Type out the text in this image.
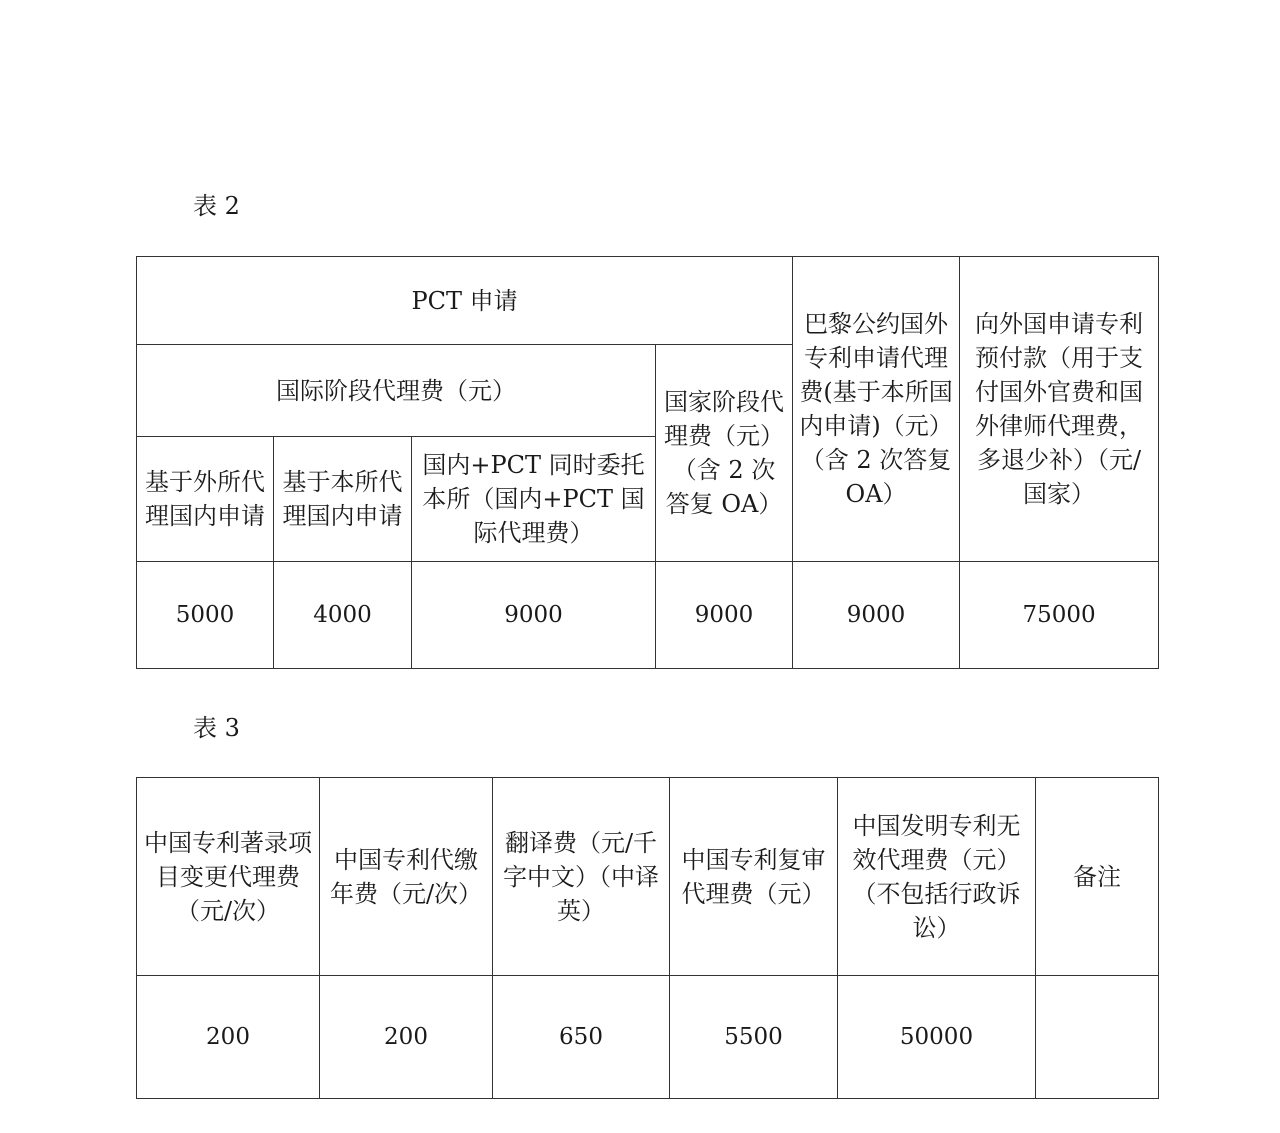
表 2
PCT 申请				巴黎公约国外专利申请代理费(基于本所国内申请)（元）（含 2 次答复 OA）	向外国申请专利预付款（用于支付国外官费和国外律师代理费，多退少补）（元/国家）
国际阶段代理费（元）			国家阶段代理费（元）（含 2 次答复 OA）		
基于外所代理国内申请	基于本所代理国内申请	国内+PCT 同时委托本所（国内+PCT 国际代理费）			
5000	4000	9000	9000	9000	75000
表 3
中国专利著录项目变更代理费（元/次）	中国专利代缴年费（元/次）	翻译费（元/千字中文）（中译英）	中国专利复审代理费（元）	中国发明专利无效代理费（元）（不包括行政诉讼）	备注
200	200	650	5500	50000	
